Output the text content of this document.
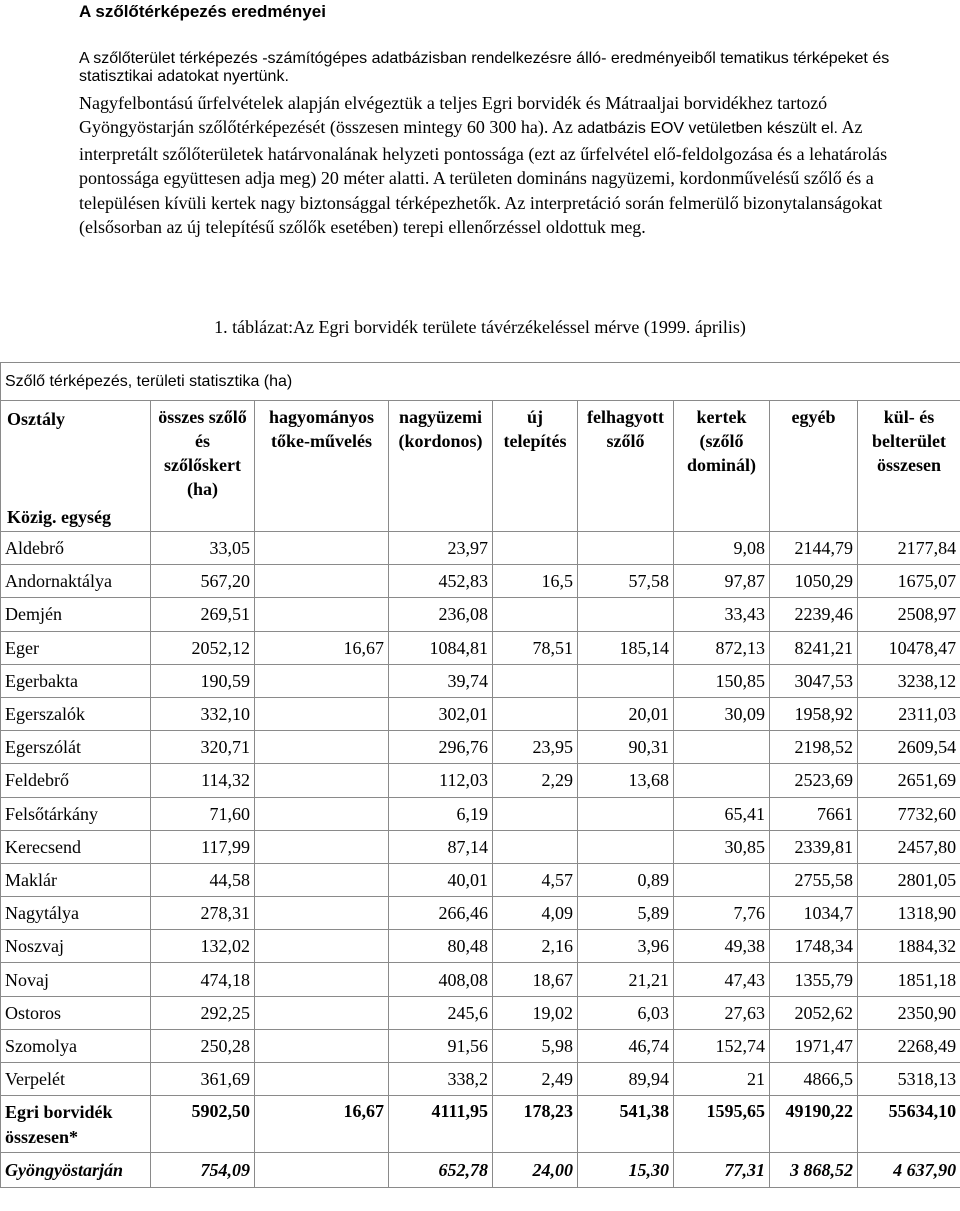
A szőlőtérképezés eredményei

A szőlőterület térképezés -számítógépes adatbázisban rendelkezésre álló- eredményeiből tematikus térképeket és statisztikai adatokat nyertünk.

Nagyfelbontású űrfelvételek alapján elvégeztük a teljes Egri borvidék és Mátraaljai borvidékhez tartozó Gyöngyöstarján szőlőtérképezését (összesen mintegy 60 300 ha). Az adatbázis EOV vetületben készült el. Az interpretált szőlőterületek határvonalának helyzeti pontossága (ezt az űrfelvétel elő-feldolgozása és a lehatárolás pontossága együttesen adja meg) 20 méter alatti. A területen domináns nagyüzemi, kordonművelésű szőlő és a településen kívüli kertek nagy biztonsággal térképezhetők. Az interpretáció során felmerülő bizonytalanságokat (elsősorban az új telepítésű szőlők esetében) terepi ellenőrzéssel oldottuk meg.

1. táblázat:Az Egri borvidék területe távérzékeléssel mérve (1999. április)

Szőlő térképezés, területi statisztika (ha)								

Osztály
Közig. egység	összes szőlő és szőlőskert (ha)	hagyományos tőke-művelés	nagyüzemi (kordonos)	új telepítés	felhagyott szőlő	kertek (szőlő dominál)	egyéb	kül- és belterület összesen
Aldebrő	33,05		23,97			9,08	2144,79	2177,84
Andornaktálya	567,20		452,83	16,5	57,58	97,87	1050,29	1675,07
Demjén	269,51		236,08			33,43	2239,46	2508,97
Eger	2052,12	16,67	1084,81	78,51	185,14	872,13	8241,21	10478,47
Egerbakta	190,59		39,74			150,85	3047,53	3238,12
Egerszalók	332,10		302,01		20,01	30,09	1958,92	2311,03
Egerszólát	320,71		296,76	23,95	90,31		2198,52	2609,54
Feldebrő	114,32		112,03	2,29	13,68		2523,69	2651,69
Felsőtárkány	71,60		6,19			65,41	7661	7732,60
Kerecsend	117,99		87,14			30,85	2339,81	2457,80
Maklár	44,58		40,01	4,57	0,89		2755,58	2801,05
Nagytálya	278,31		266,46	4,09	5,89	7,76	1034,7	1318,90
Noszvaj	132,02		80,48	2,16	3,96	49,38	1748,34	1884,32
Novaj	474,18		408,08	18,67	21,21	47,43	1355,79	1851,18
Ostoros	292,25		245,6	19,02	6,03	27,63	2052,62	2350,90
Szomolya	250,28		91,56	5,98	46,74	152,74	1971,47	2268,49
Verpelét	361,69		338,2	2,49	89,94	21	4866,5	5318,13
Egri borvidék összesen*	5902,50	16,67	4111,95	178,23	541,38	1595,65	49190,22	55634,10
Gyöngyöstarján	754,09		652,78	24,00	15,30	77,31	3 868,52	4 637,90
